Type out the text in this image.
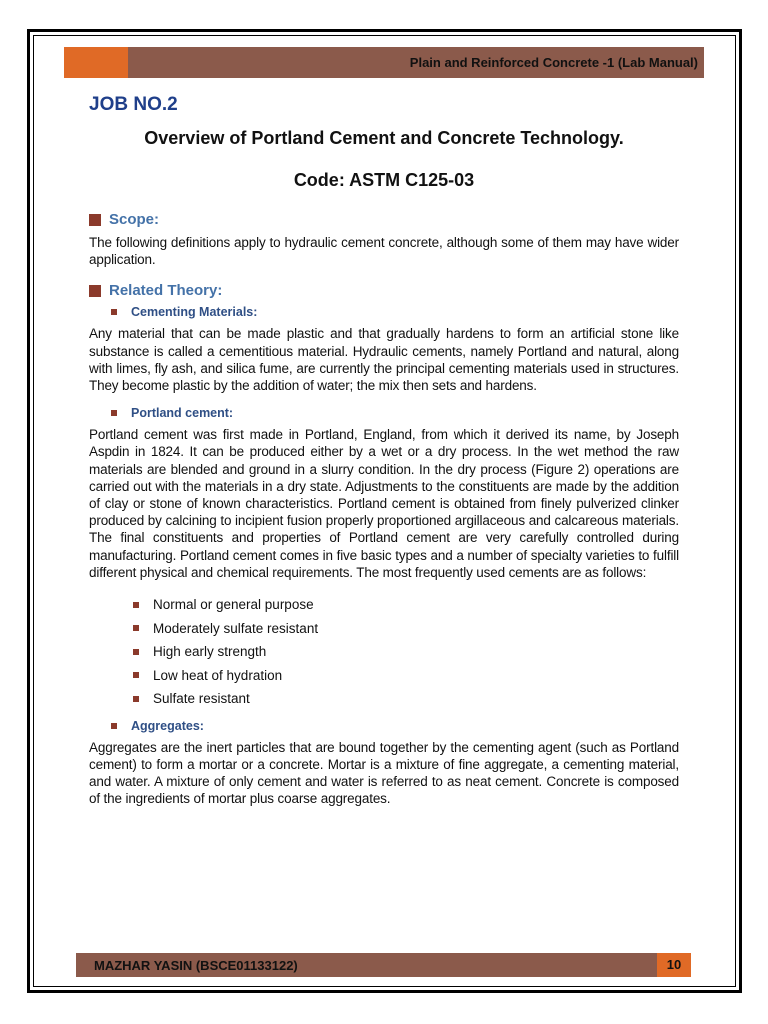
Plain and Reinforced Concrete -1 (Lab Manual)
JOB NO.2
Overview of Portland Cement and Concrete Technology.
Code: ASTM C125-03
Scope:

The following definitions apply to hydraulic cement concrete, although some of them may have wider application.

Related Theory:
Cementing Materials:

Any material that can be made plastic and that gradually hardens to form an artificial stone like substance is called a cementitious material. Hydraulic cements, namely Portland and natural, along with limes, fly ash, and silica fume, are currently the principal cementing materials used in structures. They become plastic by the addition of water; the mix then sets and hardens.

Portland cement:

Portland cement was first made in Portland, England, from which it derived its name, by Joseph Aspdin in 1824. It can be produced either by a wet or a dry process. In the wet method the raw materials are blended and ground in a slurry condition. In the dry process (Figure 2) operations are carried out with the materials in a dry state. Adjustments to the constituents are made by the addition of clay or stone of known characteristics. Portland cement is obtained from finely pulverized clinker produced by calcining to incipient fusion properly proportioned argillaceous and calcareous materials. The final constituents and properties of Portland cement are very carefully controlled during manufacturing. Portland cement comes in five basic types and a number of specialty varieties to fulfill different physical and chemical requirements. The most frequently used cements are as follows:

Normal or general purpose
Moderately sulfate resistant
High early strength
Low heat of hydration
Sulfate resistant
Aggregates:

Aggregates are the inert particles that are bound together by the cementing agent (such as Portland cement) to form a mortar or a concrete. Mortar is a mixture of fine aggregate, a cementing material, and water. A mixture of only cement and water is referred to as neat cement. Concrete is composed of the ingredients of mortar plus coarse aggregates.

MAZHAR YASIN (BSCE01133122)	10
